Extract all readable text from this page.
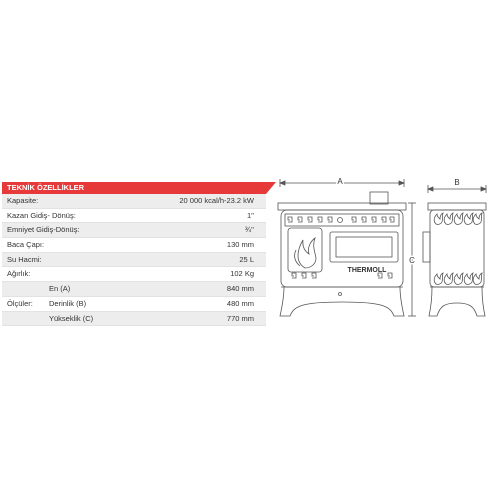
TEKNİK ÖZELLİKLER
Kapasite:	20 000 kcal/h-23.2 kW
Kazan Gidiş- Dönüş:	1''
Emniyet Gidiş-Dönüş:	¾''
Baca Çapı:	130 mm
Su Hacmi:	25 L
Ağırlık:	102 Kg
En (A)	840 mm
Ölçüler: Derinlik (B)	480 mm
Yükseklik (C)	770 mm
A	B
C
THERMOLL
